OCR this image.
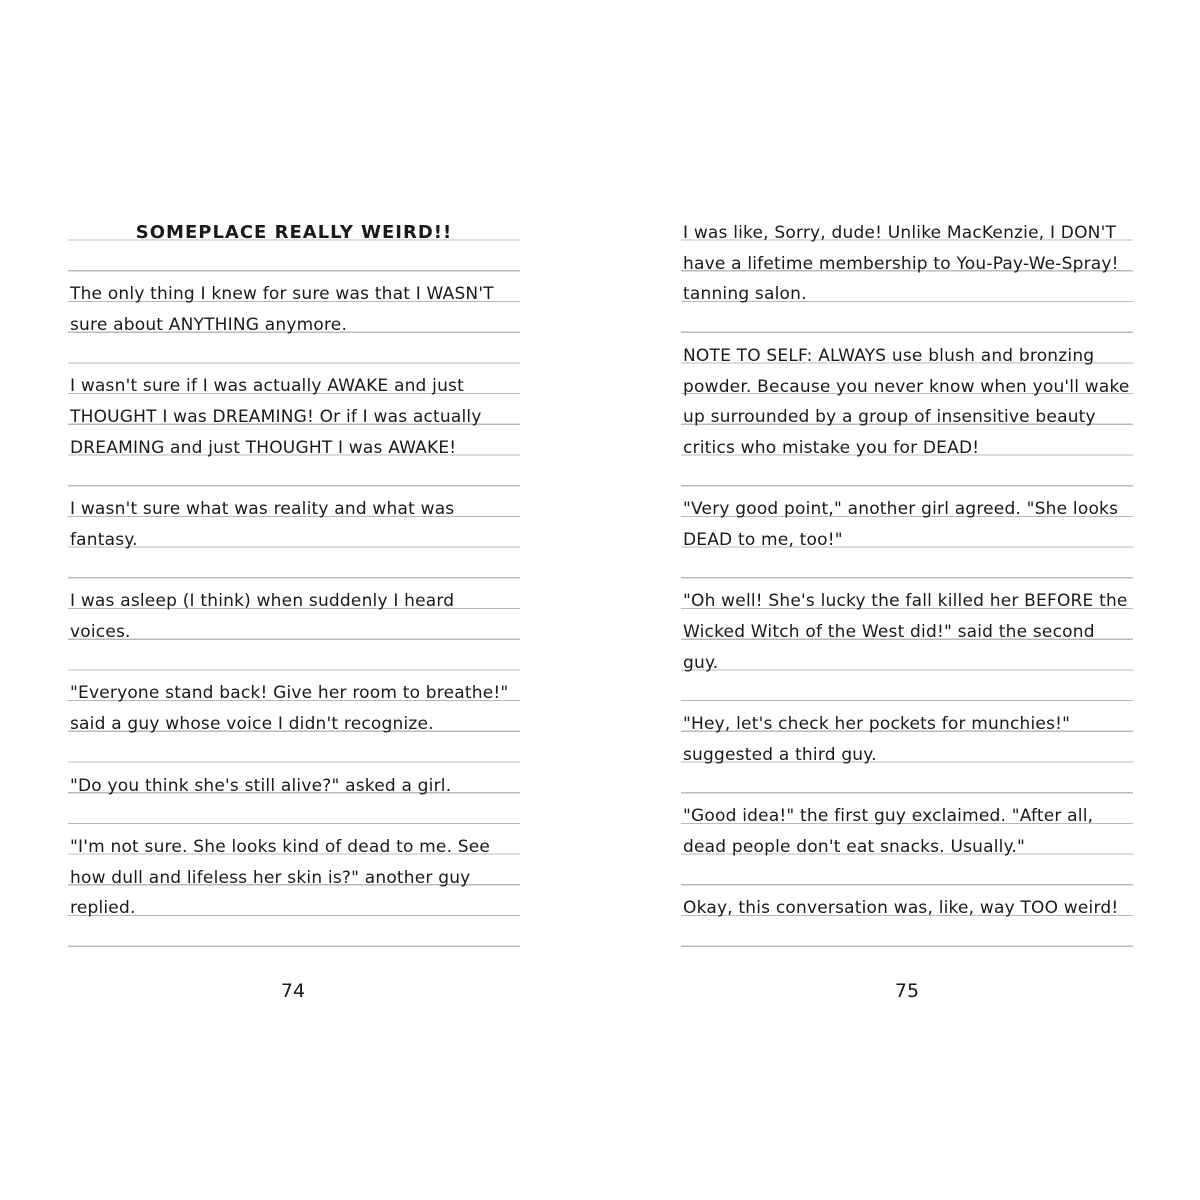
SOMEPLACE REALLY WEIRD!!

The only thing I knew for sure was that I WASN'T sure about ANYTHING anymore.

I wasn't sure if I was actually AWAKE and just THOUGHT I was DREAMING! Or if I was actually DREAMING and just THOUGHT I was AWAKE!

I wasn't sure what was reality and what was fantasy.

I was asleep (I think) when suddenly I heard voices.

"Everyone stand back! Give her room to breathe!" said a guy whose voice I didn't recognize.

"Do you think she's still alive?" asked a girl.

"I'm not sure. She looks kind of dead to me. See how dull and lifeless her skin is?" another guy replied.

74

I was like, Sorry, dude! Unlike MacKenzie, I DON'T have a lifetime membership to You-Pay-We-Spray! tanning salon.

NOTE TO SELF: ALWAYS use blush and bronzing powder. Because you never know when you'll wake up surrounded by a group of insensitive beauty critics who mistake you for DEAD!

"Very good point," another girl agreed. "She looks DEAD to me, too!"

"Oh well! She's lucky the fall killed her BEFORE the Wicked Witch of the West did!" said the second guy.

"Hey, let's check her pockets for munchies!" suggested a third guy.

"Good idea!" the first guy exclaimed. "After all, dead people don't eat snacks. Usually."

Okay, this conversation was, like, way TOO weird!

75
